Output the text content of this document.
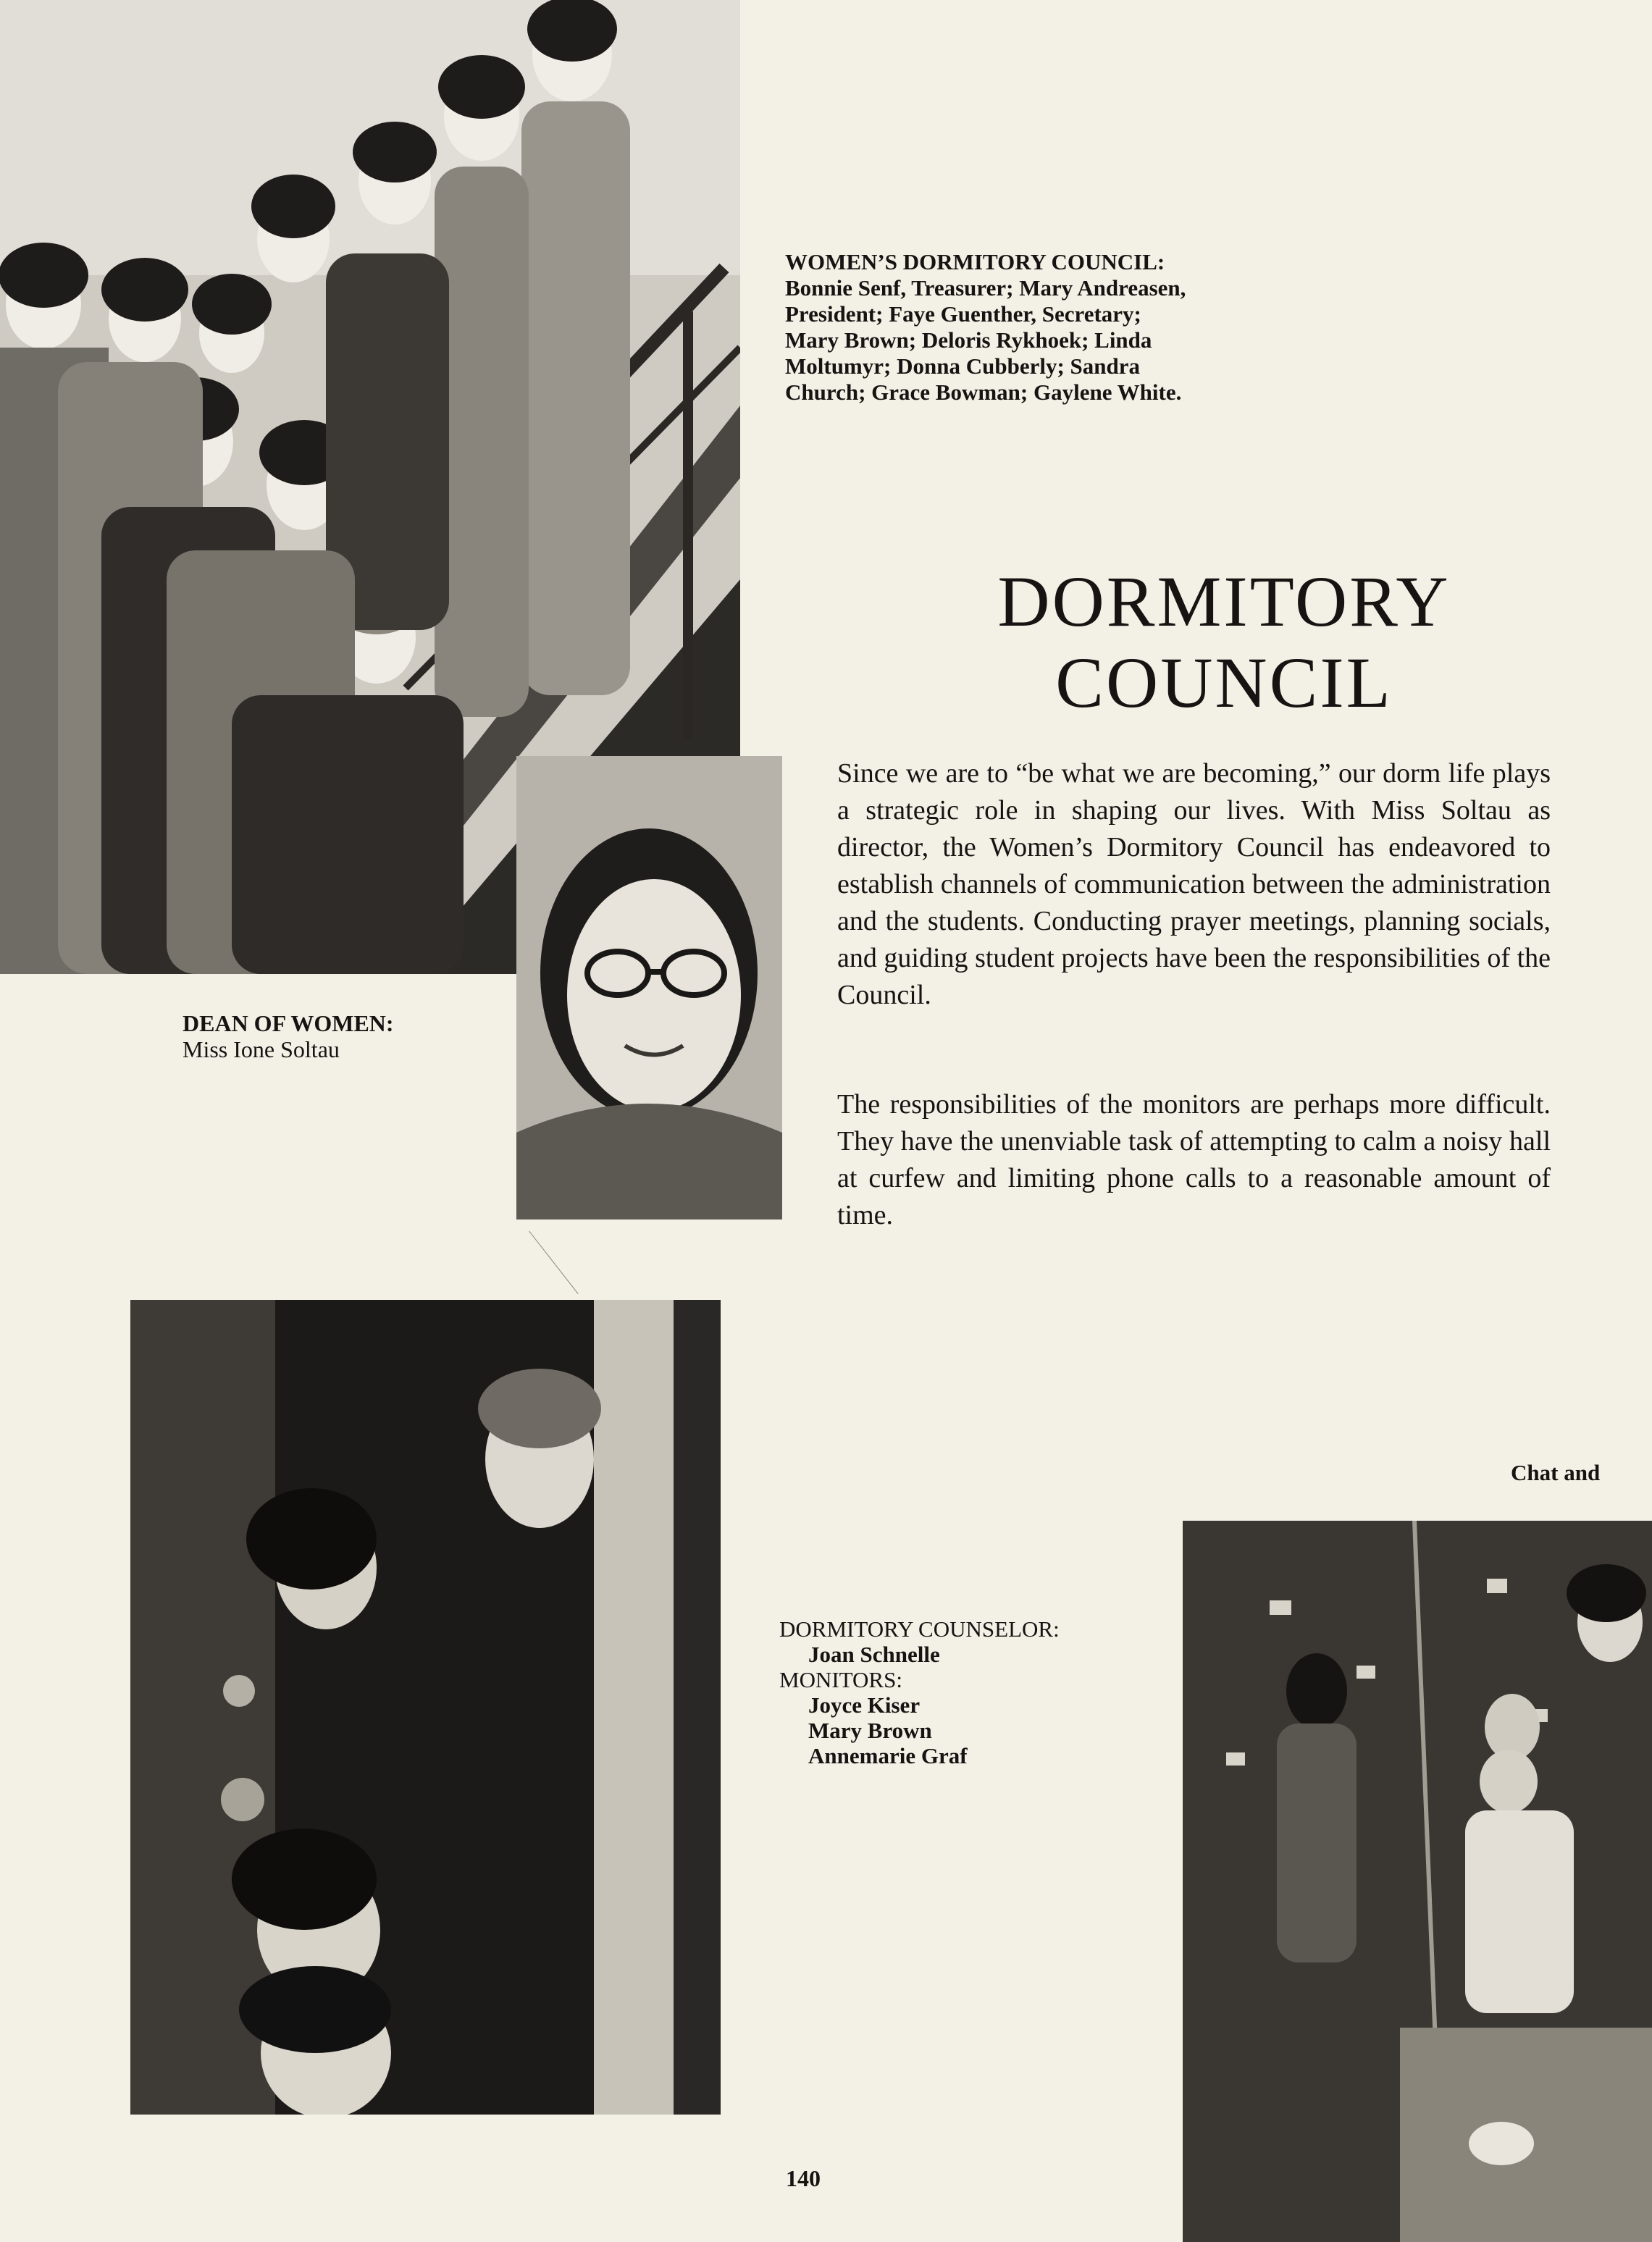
WOMEN’S DORMITORY COUNCIL:
Bonnie Senf, Treasurer; Mary Andreasen,
President; Faye Guenther, Secretary;
Mary Brown; Deloris Rykhoek; Linda
Moltumyr; Donna Cubberly; Sandra
Church; Grace Bowman; Gaylene White.
DORMITORY
COUNCIL

Since we are to “be what we are becoming,” our dorm life plays a strategic role in shaping our lives. With Miss Soltau as director, the Women’s Dormitory Council has endeavored to establish channels of communication between the administration and the students. Conducting prayer meetings, planning socials, and guiding student projects have been the responsibilities of the Council.

The responsibilities of the monitors are perhaps more difficult. They have the unenviable task of attempting to calm a noisy hall at curfew and limiting phone calls to a reasonable amount of time.

DEAN OF WOMEN:
Miss Ione Soltau
DORMITORY COUNSELOR:
Joan Schnelle
MONITORS:
Joyce Kiser
Mary Brown
Annemarie Graf
Chat and
140
